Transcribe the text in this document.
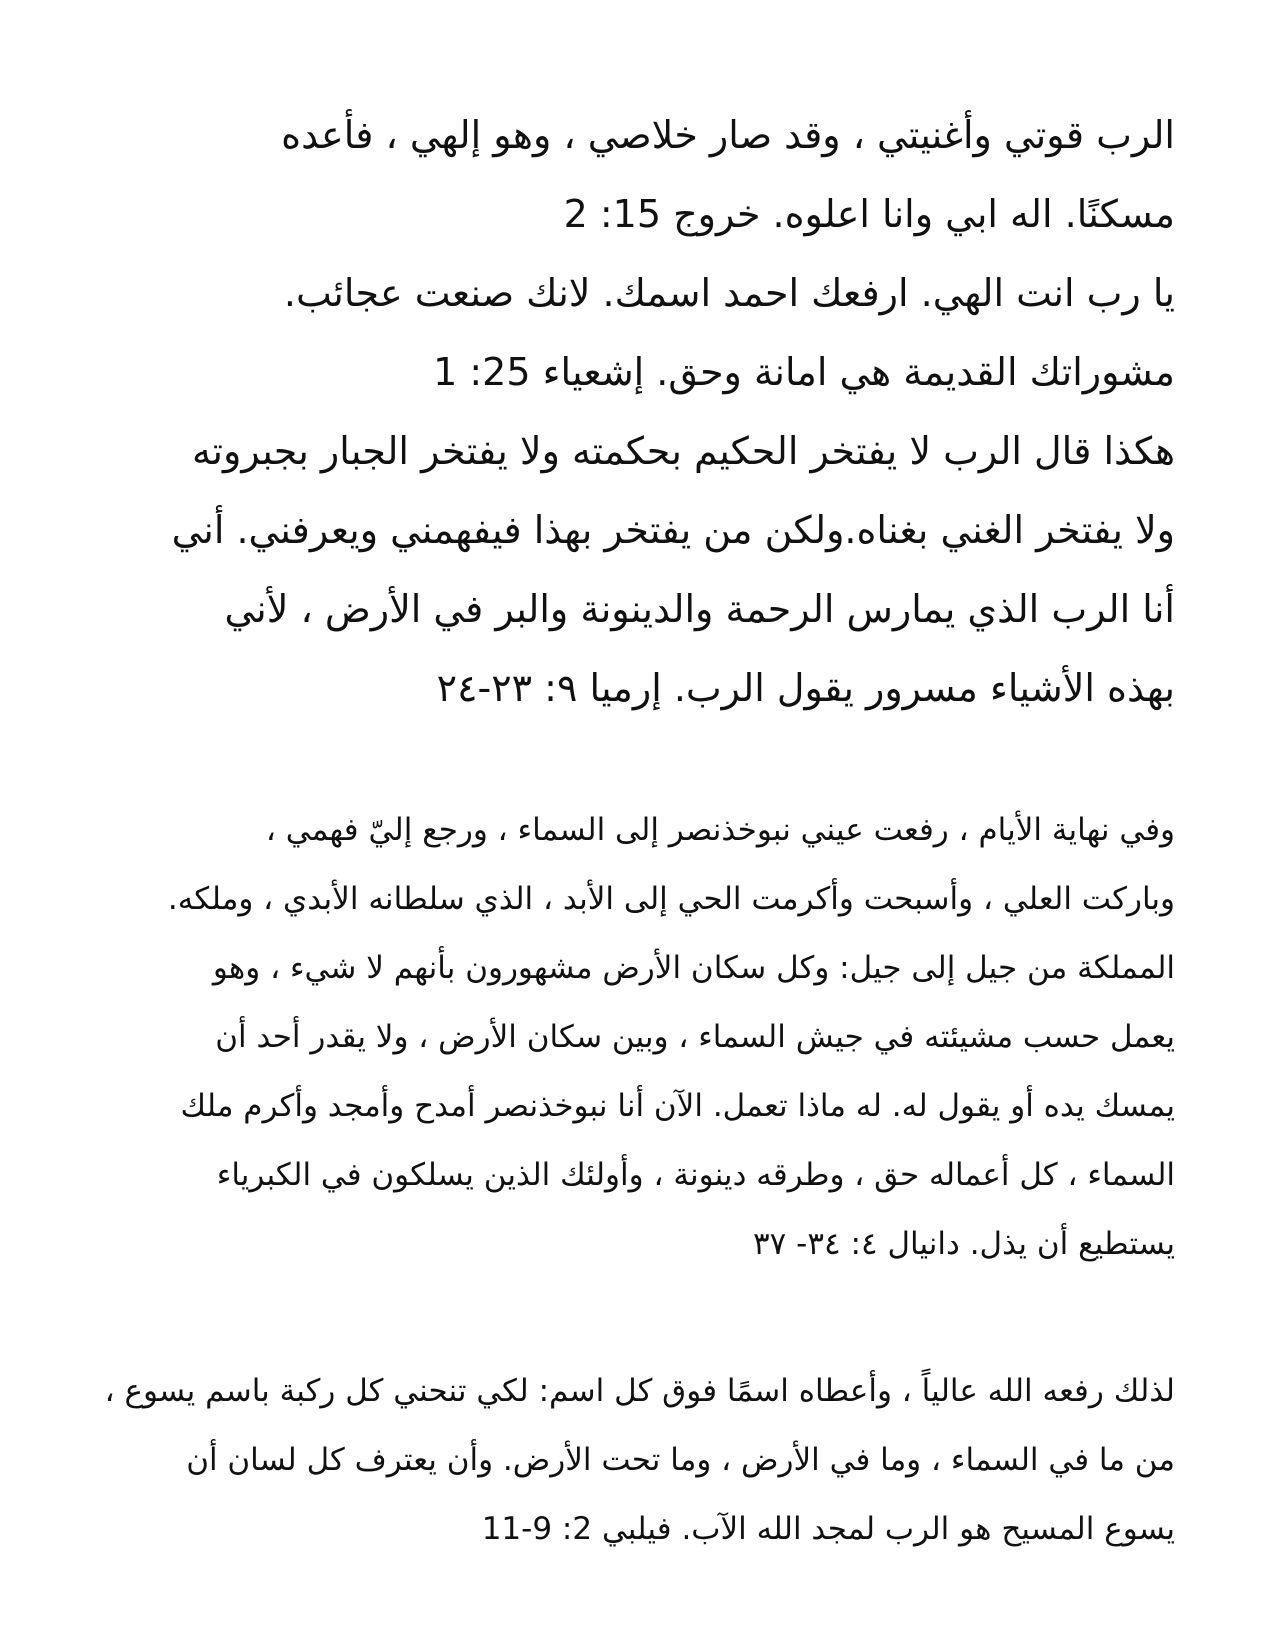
الرب قوتي وأغنيتي ، وقد صار خلاصي ، وهو إلهي ، فأعده
مسكنًا. اله ابي وانا اعلوه. خروج 15: 2
يا رب انت الهي. ارفعك احمد اسمك. لانك صنعت عجائب.
مشوراتك القديمة هي امانة وحق. إشعياء 25: 1
هكذا قال الرب لا يفتخر الحكيم بحكمته ولا يفتخر الجبار بجبروته
ولا يفتخر الغني بغناه.ولكن من يفتخر بهذا فيفهمني ويعرفني. أني
أنا الرب الذي يمارس الرحمة والدينونة والبر في الأرض ، لأني
بهذه الأشياء مسرور يقول الرب. إرميا ٩: ٢٣-٢٤
وفي نهاية الأيام ، رفعت عيني نبوخذنصر إلى السماء ، ورجع إليّ فهمي ،
وباركت العلي ، وأسبحت وأكرمت الحي إلى الأبد ، الذي سلطانه الأبدي ، وملكه.
المملكة من جيل إلى جيل: وكل سكان الأرض مشهورون بأنهم لا شيء ، وهو
يعمل حسب مشيئته في جيش السماء ، وبين سكان الأرض ، ولا يقدر أحد أن
يمسك يده أو يقول له. له ماذا تعمل. الآن أنا نبوخذنصر أمدح وأمجد وأكرم ملك
السماء ، كل أعماله حق ، وطرقه دينونة ، وأولئك الذين يسلكون في الكبرياء
يستطيع أن يذل. دانيال ٤: ٣٤- ٣٧
لذلك رفعه الله عالياً ، وأعطاه اسمًا فوق كل اسم: لكي تنحني كل ركبة باسم يسوع ،
من ما في السماء ، وما في الأرض ، وما تحت الأرض. وأن يعترف كل لسان أن
يسوع المسيح هو الرب لمجد الله الآب. فيلبي 2: 9-11
